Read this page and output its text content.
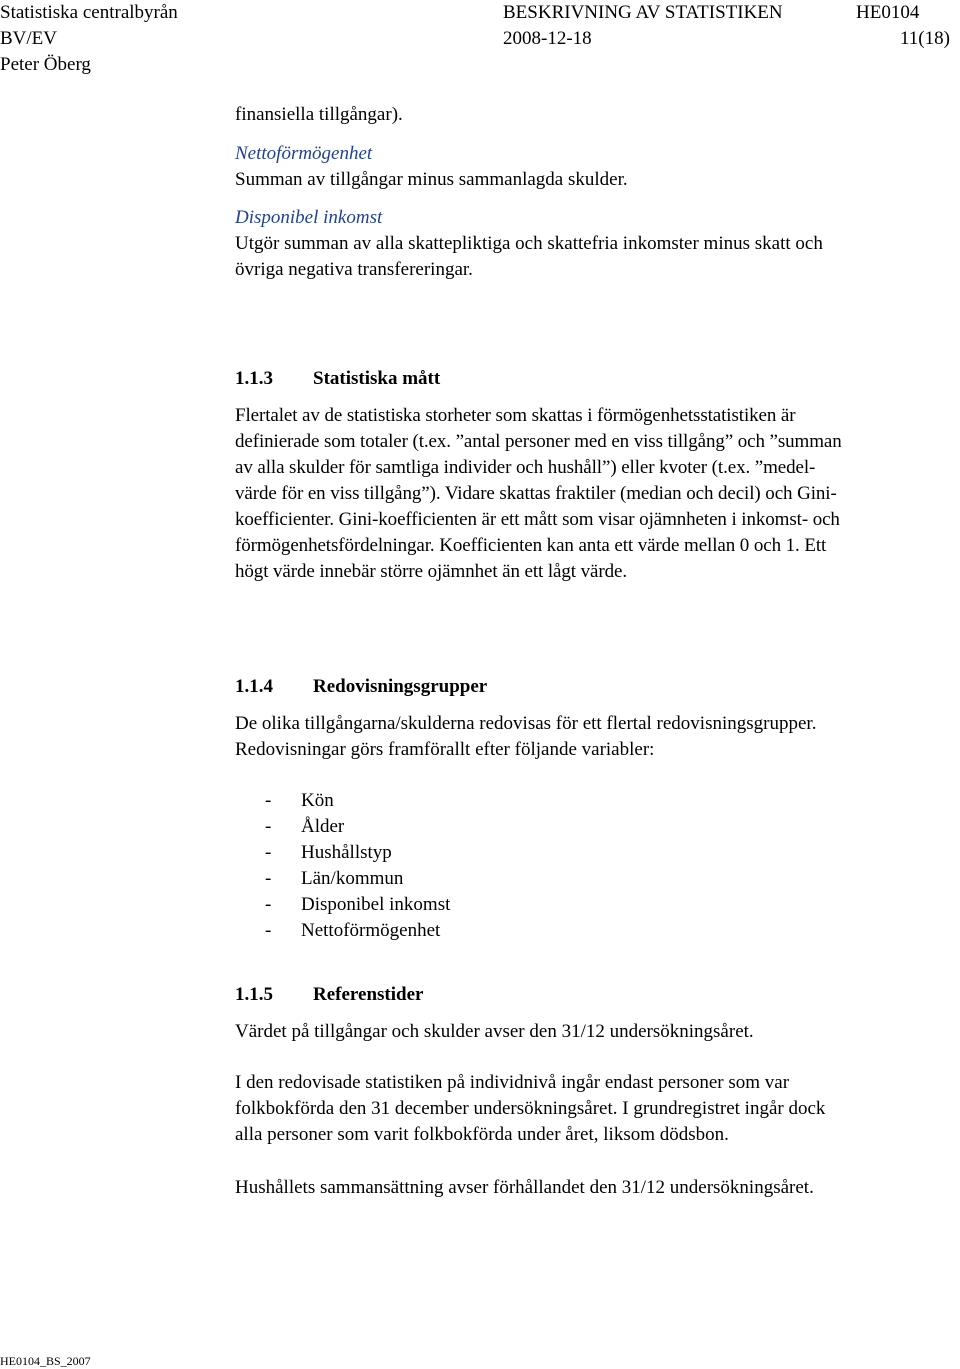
Statistiska centralbyrån	BESKRIVNING AV STATISTIKEN	HE0104
BV/EV	2008-12-18	11(18)
Peter Öberg
finansiella tillgångar).
Nettoförmögenhet
Summan av tillgångar minus sammanlagda skulder.
Disponibel inkomst
Utgör summan av alla skattepliktiga och skattefria inkomster minus skatt och
övriga negativa transfereringar.
1.1.3 Statistiska mått
Flertalet av de statistiska storheter som skattas i förmögenhetsstatistiken är
definierade som totaler (t.ex. ”antal personer med en viss tillgång” och ”summan
av alla skulder för samtliga individer och hushåll”) eller kvoter (t.ex. ”medel-
värde för en viss tillgång”). Vidare skattas fraktiler (median och decil) och Gini-
koefficienter. Gini-koefficienten är ett mått som visar ojämnheten i inkomst- och
förmögenhetsfördelningar. Koefficienten kan anta ett värde mellan 0 och 1. Ett
högt värde innebär större ojämnhet än ett lågt värde.
1.1.4 Redovisningsgrupper
De olika tillgångarna/skulderna redovisas för ett flertal redovisningsgrupper.
Redovisningar görs framförallt efter följande variabler:
- Kön
- Ålder
- Hushållstyp
- Län/kommun
- Disponibel inkomst
- Nettoförmögenhet
1.1.5 Referenstider
Värdet på tillgångar och skulder avser den 31/12 undersökningsåret.
I den redovisade statistiken på individnivå ingår endast personer som var
folkbokförda den 31 december undersökningsåret. I grundregistret ingår dock
alla personer som varit folkbokförda under året, liksom dödsbon.
Hushållets sammansättning avser förhållandet den 31/12 undersökningsåret.
HE0104_BS_2007
